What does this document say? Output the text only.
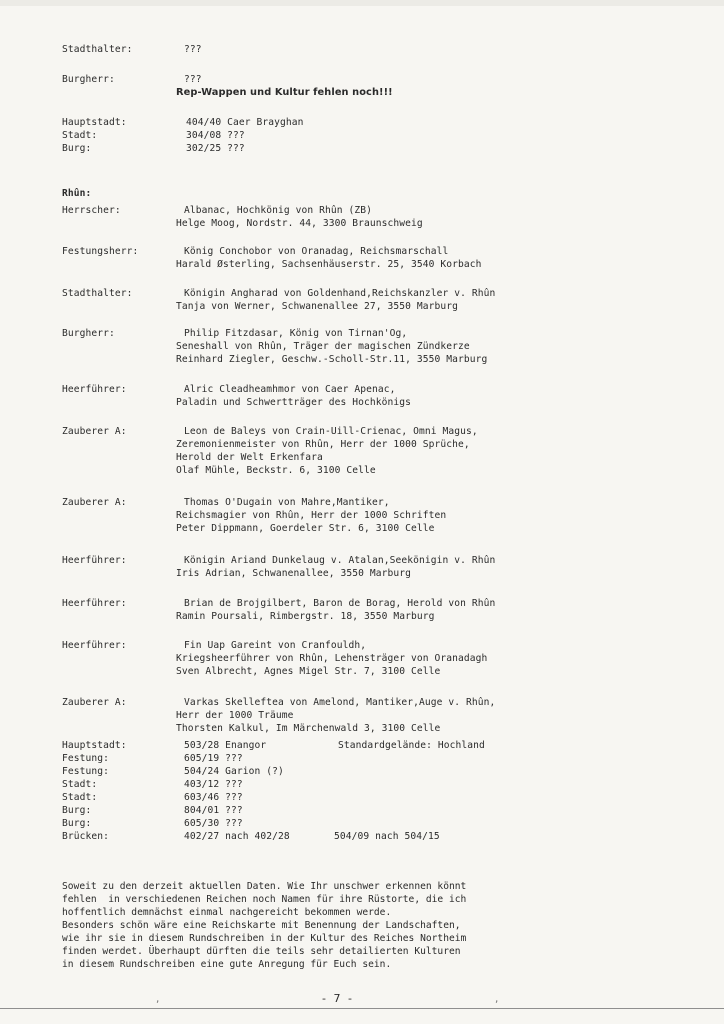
Stadthalter:	???
Burgherr:	???
Rep-Wappen und Kultur fehlen noch!!!
Hauptstadt:	404/40 Caer Brayghan
Stadt:	304/08 ???
Burg:	302/25 ???
Rhûn:
Herrscher:	Albanac, Hochkönig von Rhûn (ZB)
Helge Moog, Nordstr. 44, 3300 Braunschweig
Festungsherr:	König Conchobor von Oranadag, Reichsmarschall
Harald Østerling, Sachsenhäuserstr. 25, 3540 Korbach
Stadthalter:	Königin Angharad von Goldenhand,Reichskanzler v. Rhûn
Tanja von Werner, Schwanenallee 27, 3550 Marburg
Burgherr:	Philip Fitzdasar, König von Tirnan'Og,
Seneshall von Rhûn, Träger der magischen Zündkerze
Reinhard Ziegler, Geschw.-Scholl-Str.11, 3550 Marburg
Heerführer:	Alric Cleadheamhmor von Caer Apenac,
Paladin und Schwertträger des Hochkönigs
Zauberer A:	Leon de Baleys von Crain-Uill-Crienac, Omni Magus,
Zeremonienmeister von Rhûn, Herr der 1000 Sprüche,
Herold der Welt Erkenfara
Olaf Mühle, Beckstr. 6, 3100 Celle
Zauberer A:	Thomas O'Dugain von Mahre,Mantiker,
Reichsmagier von Rhûn, Herr der 1000 Schriften
Peter Dippmann, Goerdeler Str. 6, 3100 Celle
Heerführer:	Königin Ariand Dunkelaug v. Atalan,Seekönigin v. Rhûn
Iris Adrian, Schwanenallee, 3550 Marburg
Heerführer:	Brian de Brojgilbert, Baron de Borag, Herold von Rhûn
Ramin Poursali, Rimbergstr. 18, 3550 Marburg
Heerführer:	Fin Uap Gareint von Cranfouldh,
Kriegsheerführer von Rhûn, Lehensträger von Oranadagh
Sven Albrecht, Agnes Migel Str. 7, 3100 Celle
Zauberer A:	Varkas Skelleftea von Amelond, Mantiker,Auge v. Rhûn,
Herr der 1000 Träume
Thorsten Kalkul, Im Märchenwald 3, 3100 Celle
Hauptstadt:	503/28 Enangor	Standardgelände: Hochland
Festung:	605/19 ???
Festung:	504/24 Garion (?)
Stadt:	403/12 ???
Stadt:	603/46 ???
Burg:	804/01 ???
Burg:	605/30 ???
Brücken:	402/27 nach 402/28	504/09 nach 504/15
Soweit zu den derzeit aktuellen Daten. Wie Ihr unschwer erkennen könnt
fehlen  in verschiedenen Reichen noch Namen für ihre Rüstorte, die ich
hoffentlich demnächst einmal nachgereicht bekommen werde.
Besonders schön wäre eine Reichskarte mit Benennung der Landschaften,
wie ihr sie in diesem Rundschreiben in der Kultur des Reiches Northeim
finden werdet. Überhaupt dürften die teils sehr detailierten Kulturen
in diesem Rundschreiben eine gute Anregung für Euch sein.
,	- 7 -	,
